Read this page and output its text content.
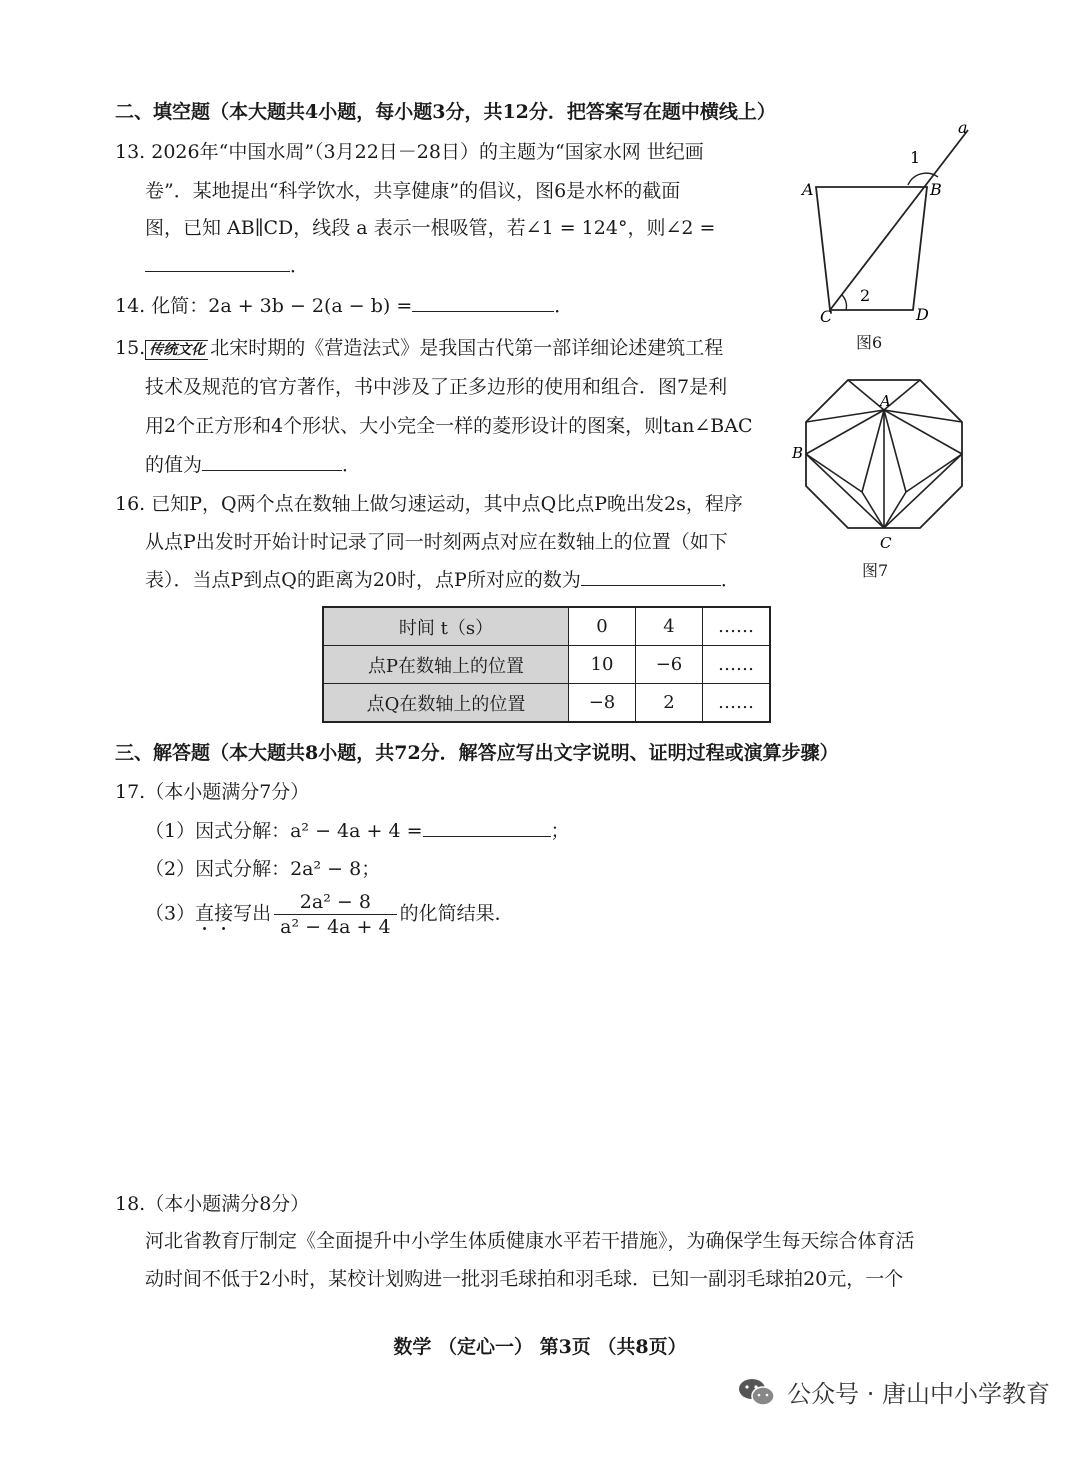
二、填空题（本大题共4小题，每小题3分，共12分．把答案写在题中横线上）
13. 2026年“中国水周”（3月22日－28日）的主题为“国家水网 世纪画
卷”．某地提出“科学饮水，共享健康”的倡议，图6是水杯的截面
图，已知 AB∥CD，线段 a 表示一根吸管，若∠1 = 124°，则∠2 =
．
14. 化简：2a + 3b − 2(a − b) =	．
15. 传统文化 北宋时期的《营造法式》是我国古代第一部详细论述建筑工程
技术及规范的官方著作，书中涉及了正多边形的使用和组合．图7是利
用2个正方形和4个形状、大小完全一样的菱形设计的图案，则tan∠BAC
的值为	．
16. 已知P，Q两个点在数轴上做匀速运动，其中点Q比点P晚出发2s，程序
从点P出发时开始计时记录了同一时刻两点对应在数轴上的位置（如下
表）．当点P到点Q的距离为20时，点P所对应的数为	．
时间 t（s）	0	4	……
点P在数轴上的位置	10	−6	……
点Q在数轴上的位置	−8	2	……
三、解答题（本大题共8小题，共72分．解答应写出文字说明、证明过程或演算步骤）
17.（本小题满分7分）
（1）因式分解：a² − 4a + 4 =	；
（2）因式分解：2a² − 8；
（3）直接写出 $\frac{\text{2a² − 8}}{\text{a² − 4a + 4}}$ 的化简结果．
18.（本小题满分8分）
河北省教育厅制定《全面提升中小学生体质健康水平若干措施》，为确保学生每天综合体育活
动时间不低于2小时，某校计划购进一批羽毛球拍和羽毛球．已知一副羽毛球拍20元，一个
A	B
C	D
a
1
2
图6
A
B
C
图7
数学 （定心一） 第3页 （共8页）
公众号 · 唐山中小学教育
